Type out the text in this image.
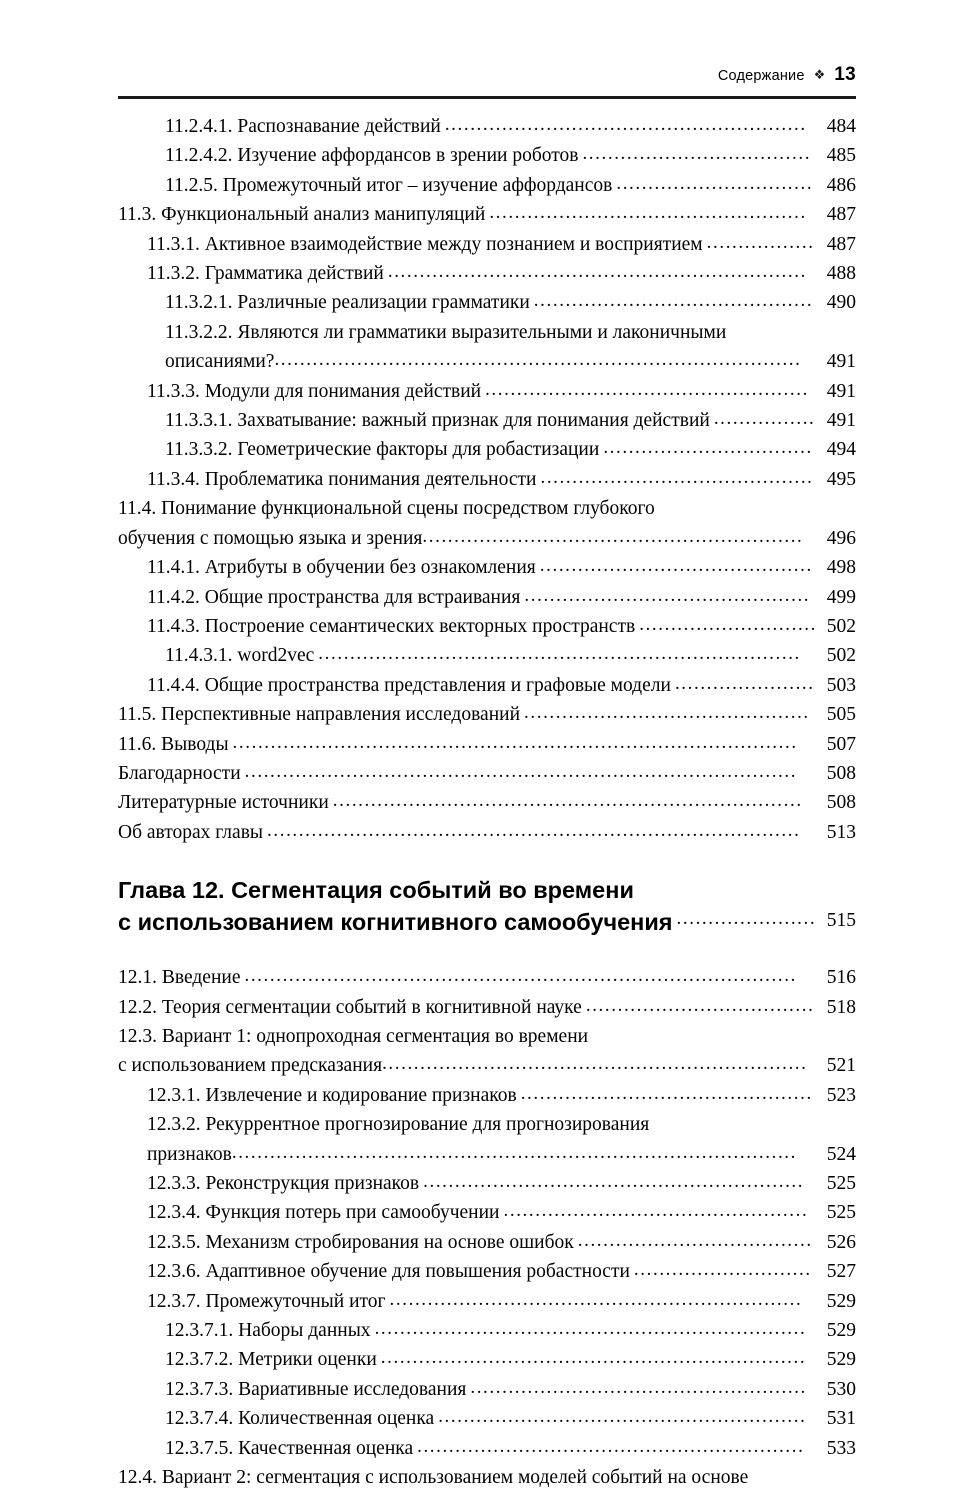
Содержание ❖ 13
11.2.4.1. Распознавание действий .........................................................	484
11.2.4.2. Изучение аффордансов в зрении роботов .................................... 485
11.2.5. Промежуточный итог – изучение аффордансов ............................... 486
11.3. Функциональный анализ манипуляций ..................................................	487
11.3.1. Активное взаимодействие между познанием и восприятием ................. 487
11.3.2. Грамматика действий ..................................................................	488
11.3.2.1. Различные реализации грамматики ............................................ 490
11.3.2.2. Являются ли грамматики выразительными и лаконичными
описаниями? ...................................................................................	491
11.3.3. Модули для понимания действий ................................................... 491
11.3.3.1. Захватывание: важный признак для понимания действий ................ 491
11.3.3.2. Геометрические факторы для робастизации ................................. 494
11.3.4. Проблематика понимания деятельности ........................................... 495
11.4. Понимание функциональной сцены посредством глубокого
обучения с помощью языка и зрения ............................................................	496
11.4.1. Атрибуты в обучении без ознакомления ........................................... 498
11.4.2. Общие пространства для встраивания ............................................. 499
11.4.3. Построение семантических векторных пространств ............................ 502
11.4.3.1. word2vec ............................................................................	502
11.4.4. Общие пространства представления и графовые модели ...................... 503
11.5. Перспективные направления исследований ............................................. 505
11.6. Выводы .........................................................................................	507
Благодарности .......................................................................................	508
Литературные источники ..........................................................................	508
Об авторах главы ....................................................................................	513
Глава 12. Сегментация событий во времени
с использованием когнитивного самообучения ...................... 515
12.1. Введение .......................................................................................	516
12.2. Теория сегментации событий в когнитивной науке .................................... 518
12.3. Вариант 1: однопроходная сегментация во времени
с использованием предсказания ................................................................... 521
12.3.1. Извлечение и кодирование признаков .............................................. 523
12.3.2. Рекуррентное прогнозирование для прогнозирования
признаков .........................................................................................	524
12.3.3. Реконструкция признаков ............................................................	525
12.3.4. Функция потерь при самообучении ................................................ 525
12.3.5. Механизм стробирования на основе ошибок ..................................... 526
12.3.6. Адаптивное обучение для повышения робастности ............................ 527
12.3.7. Промежуточный итог .................................................................	529
12.3.7.1. Наборы данных ....................................................................	529
12.3.7.2. Метрики оценки ...................................................................	529
12.3.7.3. Вариативные исследования .....................................................	530
12.3.7.4. Количественная оценка ..........................................................	531
12.3.7.5. Качественная оценка .............................................................	533
12.4. Вариант 2: сегментация с использованием моделей событий на основе
